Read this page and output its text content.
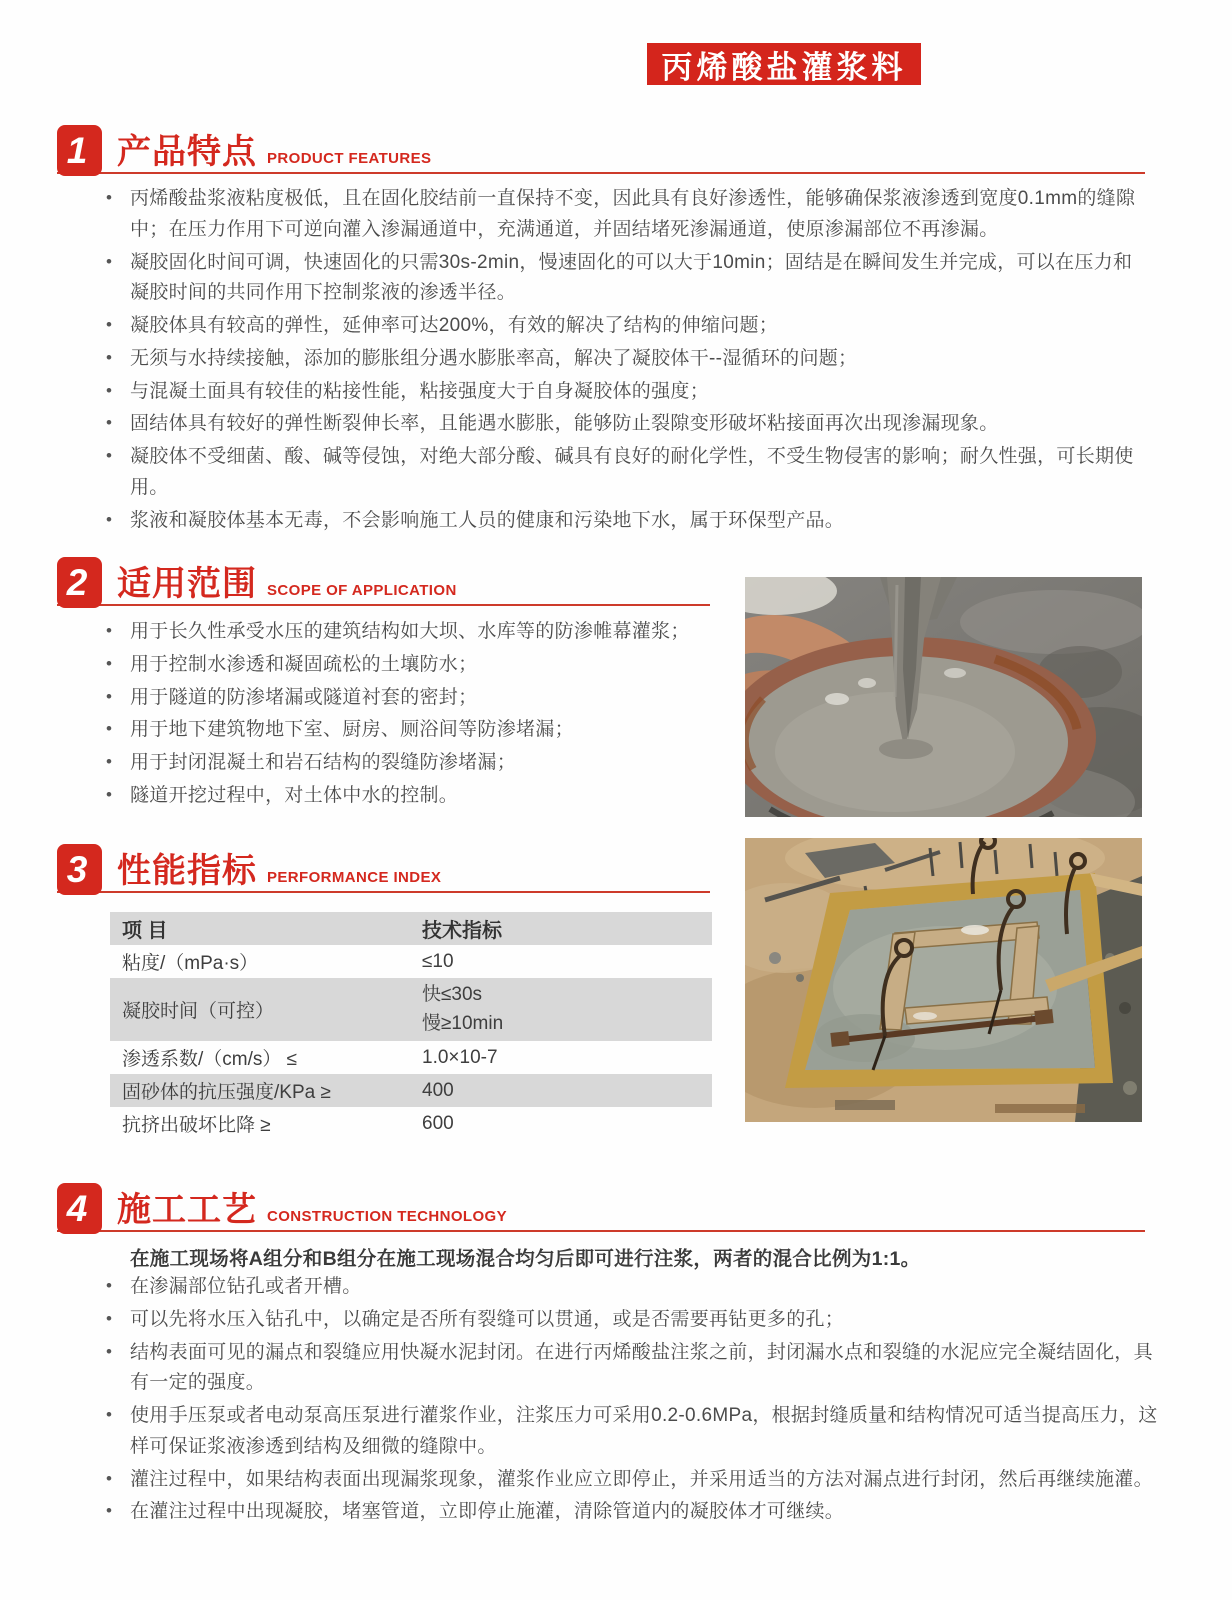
丙烯酸盐灌浆料
1 产品特点 PRODUCT FEATURES
• 丙烯酸盐浆液粘度极低，且在固化胶结前一直保持不变，因此具有良好渗透性，能够确保浆液渗透到宽度0.1mm的缝隙中；在压力作用下可逆向灌入渗漏通道中，充满通道，并固结堵死渗漏通道，使原渗漏部位不再渗漏。
• 凝胶固化时间可调，快速固化的只需30s-2min，慢速固化的可以大于10min；固结是在瞬间发生并完成，可以在压力和凝胶时间的共同作用下控制浆液的渗透半径。
• 凝胶体具有较高的弹性，延伸率可达200%，有效的解决了结构的伸缩问题；
• 无须与水持续接触，添加的膨胀组分遇水膨胀率高，解决了凝胶体干--湿循环的问题；
• 与混凝土面具有较佳的粘接性能，粘接强度大于自身凝胶体的强度；
• 固结体具有较好的弹性断裂伸长率，且能遇水膨胀，能够防止裂隙变形破坏粘接面再次出现渗漏现象。
• 凝胶体不受细菌、酸、碱等侵蚀，对绝大部分酸、碱具有良好的耐化学性，不受生物侵害的影响；耐久性强，可长期使用。
• 浆液和凝胶体基本无毒，不会影响施工人员的健康和污染地下水，属于环保型产品。
2 适用范围 SCOPE OF APPLICATION
• 用于长久性承受水压的建筑结构如大坝、水库等的防渗帷幕灌浆；
• 用于控制水渗透和凝固疏松的土壤防水；
• 用于隧道的防渗堵漏或隧道衬套的密封；
• 用于地下建筑物地下室、厨房、厕浴间等防渗堵漏；
• 用于封闭混凝土和岩石结构的裂缝防渗堵漏；
• 隧道开挖过程中，对土体中水的控制。
3 性能指标 PERFORMANCE INDEX
项 目	技术指标
粘度/（mPa·s）	≤10
凝胶时间（可控）	快≤30s
慢≥10min

渗透系数/（cm/s） ≤	1.0×10-7
固砂体的抗压强度/KPa ≥	400
抗挤出破坏比降 ≥	600
4 施工工艺 CONSTRUCTION TECHNOLOGY
在施工现场将A组分和B组分在施工现场混合均匀后即可进行注浆，两者的混合比例为1:1。
• 在渗漏部位钻孔或者开槽。
• 可以先将水压入钻孔中，以确定是否所有裂缝可以贯通，或是否需要再钻更多的孔；
• 结构表面可见的漏点和裂缝应用快凝水泥封闭。在进行丙烯酸盐注浆之前，封闭漏水点和裂缝的水泥应完全凝结固化，具有一定的强度。
• 使用手压泵或者电动泵高压泵进行灌浆作业，注浆压力可采用0.2-0.6MPa，根据封缝质量和结构情况可适当提高压力，这样可保证浆液渗透到结构及细微的缝隙中。
• 灌注过程中，如果结构表面出现漏浆现象，灌浆作业应立即停止，并采用适当的方法对漏点进行封闭，然后再继续施灌。
• 在灌注过程中出现凝胶，堵塞管道，立即停止施灌，清除管道内的凝胶体才可继续。
